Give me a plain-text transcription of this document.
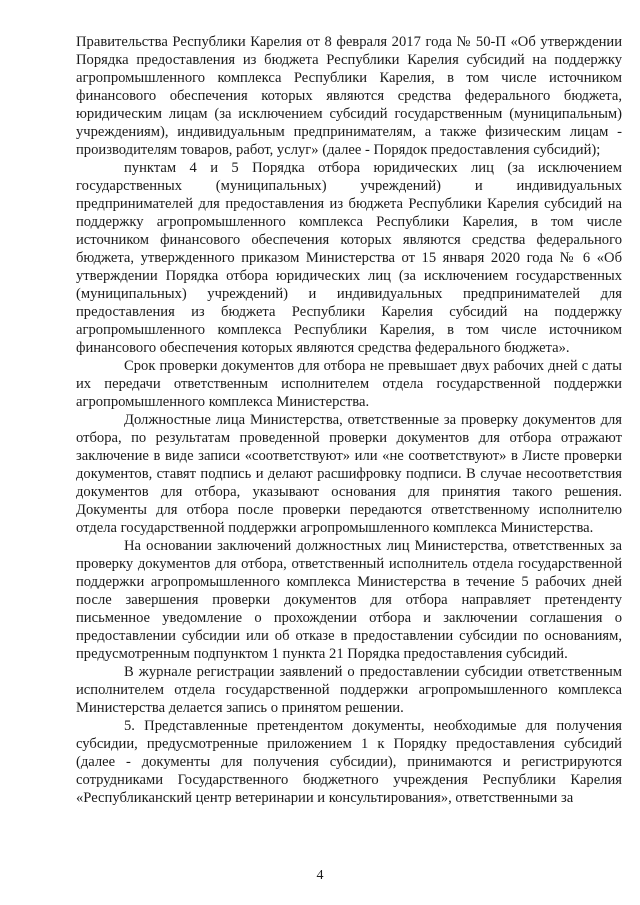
Правительства Республики Карелия от 8 февраля 2017 года № 50-П «Об утверждении Порядка предоставления из бюджета Республики Карелия субсидий на поддержку агропромышленного комплекса Республики Карелия, в том числе источником финансового обеспечения которых являются средства федерального бюджета, юридическим лицам (за исключением субсидий государственным (муниципальным) учреждениям), индивидуальным предпринимателям, а также физическим лицам - производителям товаров, работ, услуг» (далее - Порядок предоставления субсидий);

пунктам 4 и 5 Порядка отбора юридических лиц (за исключением государственных (муниципальных) учреждений) и индивидуальных предпринимателей для предоставления из бюджета Республики Карелия субсидий на поддержку агропромышленного комплекса Республики Карелия, в том числе источником финансового обеспечения которых являются средства федерального бюджета, утвержденного приказом Министерства от 15 января 2020 года № 6 «Об утверждении Порядка отбора юридических лиц (за исключением государственных (муниципальных) учреждений) и индивидуальных предпринимателей для предоставления из бюджета Республики Карелия субсидий на поддержку агропромышленного комплекса Республики Карелия, в том числе источником финансового обеспечения которых являются средства федерального бюджета».

Срок проверки документов для отбора не превышает двух рабочих дней с даты их передачи ответственным исполнителем отдела государственной поддержки агропромышленного комплекса Министерства.

Должностные лица Министерства, ответственные за проверку документов для отбора, по результатам проведенной проверки документов для отбора отражают заключение в виде записи «соответствуют» или «не соответствуют» в Листе проверки документов, ставят подпись и делают расшифровку подписи. В случае несоответствия документов для отбора, указывают основания для принятия такого решения. Документы для отбора после проверки передаются ответственному исполнителю отдела государственной поддержки агропромышленного комплекса Министерства.

На основании заключений должностных лиц Министерства, ответственных за проверку документов для отбора, ответственный исполнитель отдела государственной поддержки агропромышленного комплекса Министерства в течение 5 рабочих дней после завершения проверки документов для отбора направляет претенденту письменное уведомление о прохождении отбора и заключении соглашения о предоставлении субсидии или об отказе в предоставлении субсидии по основаниям, предусмотренным подпунктом 1 пункта 21 Порядка предоставления субсидий.

В журнале регистрации заявлений о предоставлении субсидии ответственным исполнителем отдела государственной поддержки агропромышленного комплекса Министерства делается запись о принятом решении.

5. Представленные претендентом документы, необходимые для получения субсидии, предусмотренные приложением 1 к Порядку предоставления субсидий (далее - документы для получения субсидии), принимаются и регистрируются сотрудниками Государственного бюджетного учреждения Республики Карелия «Республиканский центр ветеринарии и консультирования», ответственными за

4
